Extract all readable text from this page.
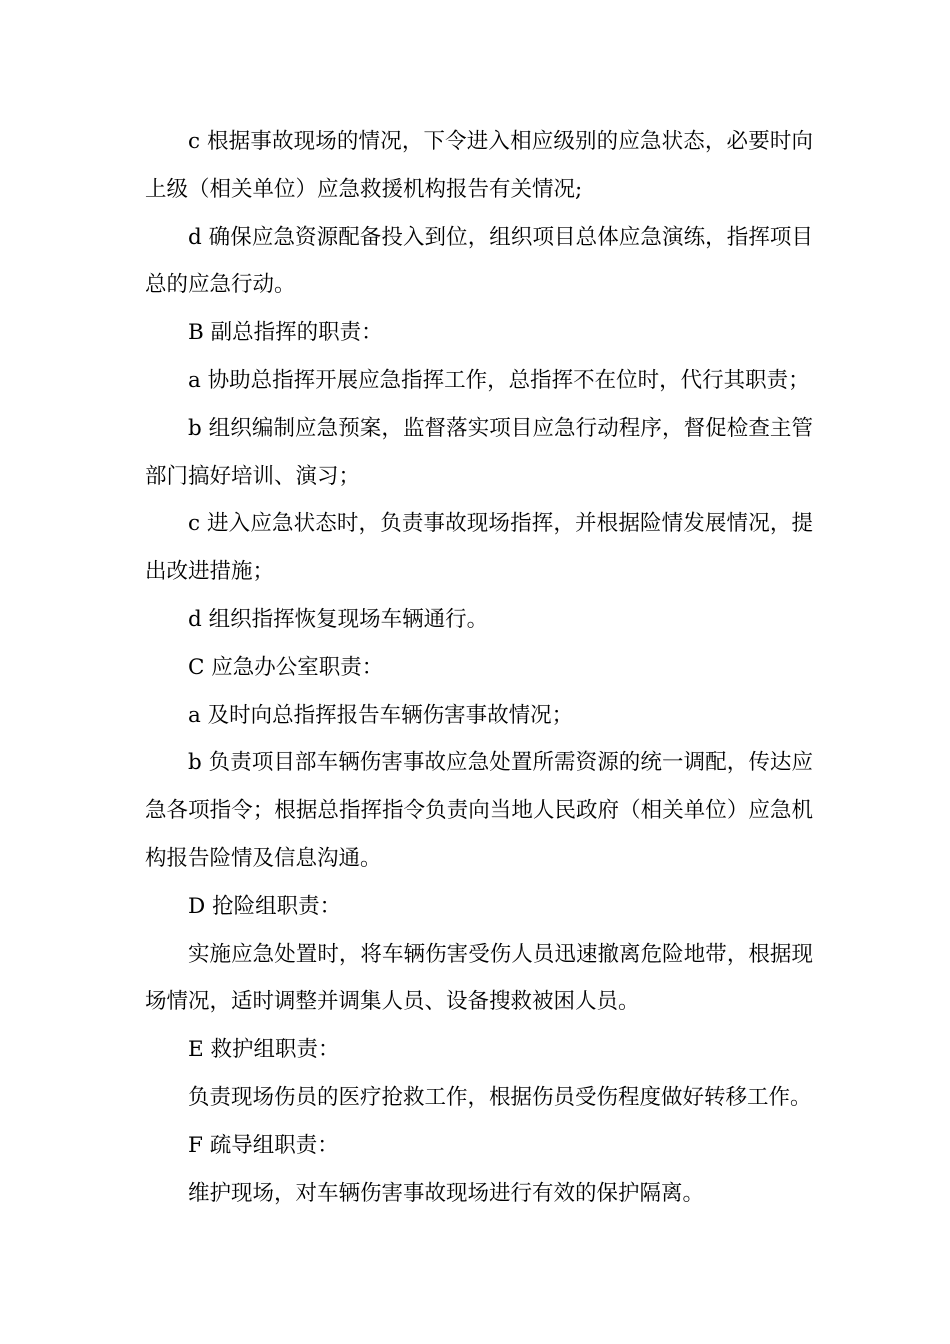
c 根据事故现场的情况，下令进入相应级别的应急状态，必要时向上级（相关单位）应急救援机构报告有关情况;

d 确保应急资源配备投入到位，组织项目总体应急演练，指挥项目总的应急行动。

B 副总指挥的职责：

a 协助总指挥开展应急指挥工作，总指挥不在位时，代行其职责；

b 组织编制应急预案，监督落实项目应急行动程序，督促检查主管部门搞好培训、演习；

c 进入应急状态时，负责事故现场指挥，并根据险情发展情况，提出改进措施；

d 组织指挥恢复现场车辆通行。

C 应急办公室职责：

a 及时向总指挥报告车辆伤害事故情况；

b 负责项目部车辆伤害事故应急处置所需资源的统一调配，传达应急各项指令；根据总指挥指令负责向当地人民政府（相关单位）应急机构报告险情及信息沟通。

D 抢险组职责：

实施应急处置时，将车辆伤害受伤人员迅速撤离危险地带，根据现场情况，适时调整并调集人员、设备搜救被困人员。

E 救护组职责：

负责现场伤员的医疗抢救工作，根据伤员受伤程度做好转移工作。

F 疏导组职责：

维护现场，对车辆伤害事故现场进行有效的保护隔离。
